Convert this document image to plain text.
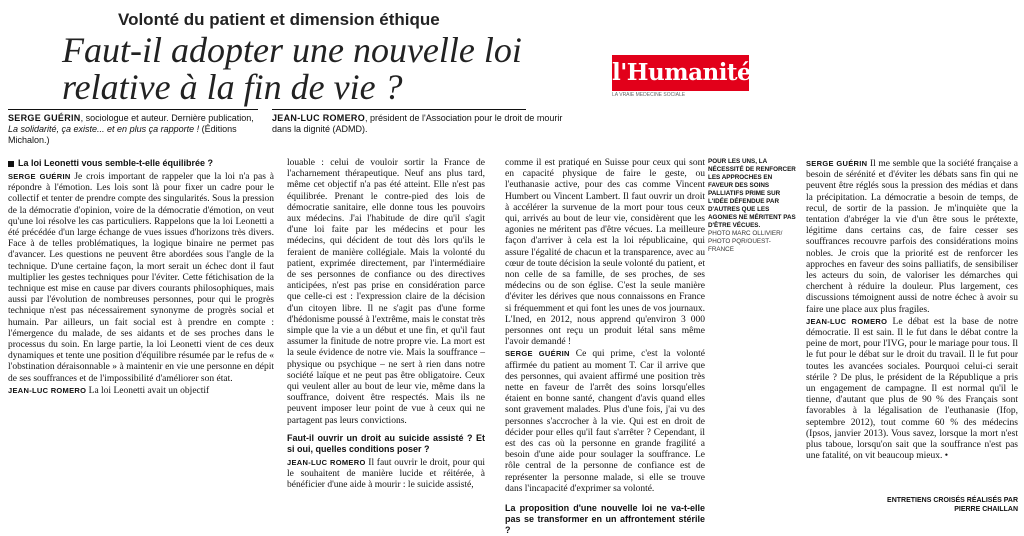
Volonté du patient et dimension éthique
Faut-il adopter une nouvelle loi
relative à la fin de vie ?	l'Humanité
LA VRAIE MEDECINE SOCIALE
SERGE GUÉRIN, sociologue et auteur. Dernière publication,
La solidarité, ça existe... et en plus ça rapporte ! (Éditions Michalon.)
JEAN-LUC ROMERO, président de l'Association pour le droit de mourir
dans la dignité (ADMD).
La loi Leonetti vous semble-t-elle équilibrée ?

SERGE GUÉRIN Je crois important de rappeler que la loi n'a pas à répondre à l'émotion. Les lois sont là pour fixer un cadre pour le collectif et tenter de prendre compte des singularités. Sous la pression de la démocratie d'opinion, voire de la démocratie d'émotion, on veut qu'une loi résolve les cas particuliers. Rappelons que la loi Leonetti a été précédée d'un large échange de vues issues d'horizons très divers. Face à de telles problématiques, la logique binaire ne permet pas d'avancer. Les questions ne peuvent être abordées sous l'angle de la technique. D'une certaine façon, la mort serait un échec dont il faut multiplier les gestes techniques pour l'éviter. Cette fétichisation de la technique est mise en cause par divers courants philosophiques, mais aussi par l'évolution de nombreuses personnes, pour qui le progrès technique n'est pas nécessairement synonyme de progrès social et humain. Par ailleurs, un fait social est à prendre en compte : l'émergence du malade, de ses aidants et de ses proches dans le processus du soin. En large partie, la loi Leonetti vient de ces deux dynamiques et tente une position d'équilibre résumée par le refus de « l'obstination déraisonnable » à maintenir en vie une personne en dépit de ses souffrances et de l'impossibilité d'améliorer son état.

JEAN-LUC ROMERO La loi Leonetti avait un objectif

louable : celui de vouloir sortir la France de l'acharnement thérapeutique. Neuf ans plus tard, même cet objectif n'a pas été atteint. Elle n'est pas équilibrée. Prenant le contre-pied des lois de démocratie sanitaire, elle donne tous les pouvoirs aux médecins. J'ai l'habitude de dire qu'il s'agit d'une loi faite par les médecins et pour les médecins, qui décident de tout dès lors qu'ils le feraient de manière collégiale. Mais la volonté du patient, exprimée directement, par l'intermédiaire de ses personnes de confiance ou des directives anticipées, n'est pas prise en considération parce que celle-ci est : l'expression claire de la décision d'un citoyen libre. Il ne s'agit pas d'une forme d'hédonisme poussé à l'extrême, mais le constat très simple que la vie a un début et une fin, et qu'il faut assumer la finitude de notre propre vie. La mort est la seule évidence de notre vie. Mais la souffrance – physique ou psychique – ne sert à rien dans notre société laïque et ne peut pas être obligatoire. Ceux qui veulent aller au bout de leur vie, même dans la souffrance, doivent être respectés. Mais ils ne peuvent imposer leur point de vue à ceux qui ne partagent pas leurs convictions.

Faut-il ouvrir un droit au suicide assisté ? Et si oui, quelles conditions poser ?

JEAN-LUC ROMERO Il faut ouvrir le droit, pour qui le souhaitent de manière lucide et réitérée, à bénéficier d'une aide à mourir : le suicide assisté,

comme il est pratiqué en Suisse pour ceux qui sont en capacité physique de faire le geste, ou l'euthanasie active, pour des cas comme Vincent Humbert ou Vincent Lambert. Il faut ouvrir un droit à accélérer la survenue de la mort pour tous ceux qui, arrivés au bout de leur vie, considèrent que les agonies ne méritent pas d'être vécues. La meilleure façon d'arriver à cela est la loi républicaine, qui assure l'égalité de chacun et la transparence, avec au cœur de toute décision la seule volonté du patient, et non celle de sa famille, de ses proches, de ses médecins ou de son église. C'est la seule manière d'éviter les dérives que nous connaissons en France si fréquemment et qui font les unes de vos journaux. L'Ined, en 2012, nous apprend qu'environ 3 000 personnes ont reçu un produit létal sans même l'avoir demandé !

SERGE GUÉRIN Ce qui prime, c'est la volonté affirmée du patient au moment T. Car il arrive que des personnes, qui avaient affirmé une position très nette en faveur de l'arrêt des soins lorsqu'elles étaient en bonne santé, changent d'avis quand elles sont gravement malades. Plus d'une fois, j'ai vu des personnes s'accrocher à la vie. Qui est en droit de décider pour elles qu'il faut s'arrêter ? Cependant, il est des cas où la personne en grande fragilité a besoin d'une aide pour soulager la souffrance. Le rôle central de la personne de confiance est de représenter la personne malade, si elle se trouve dans l'incapacité d'exprimer sa volonté.

La proposition d'une nouvelle loi ne va-t-elle pas se transformer en un affrontement stérile ?
POUR LES UNS, LA NÉCESSITÉ DE RENFORCER LES APPROCHES EN FAVEUR DES SOINS PALLIATIFS PRIME SUR L'IDÉE DÉFENDUE PAR D'AUTRES QUE LES AGONIES NE MÉRITENT PAS D'ÊTRE VÉCUES.
PHOTO MARC OLLIVIER/
PHOTO PQR/OUEST-FRANCE

SERGE GUÉRIN Il me semble que la société française a besoin de sérénité et d'éviter les débats sans fin qui ne peuvent être réglés sous la pression des médias et dans la précipitation. La démocratie a besoin de temps, de recul, de sortir de la passion. Je m'inquiète que la tentation d'abréger la vie d'un être sous le prétexte, légitime dans certains cas, de faire cesser ses souffrances recouvre parfois des considérations moins nobles. Je crois que la priorité est de renforcer les approches en faveur des soins palliatifs, de sensibiliser les acteurs du soin, de valoriser les démarches qui cherchent à réduire la douleur. Plus largement, ces discussions témoignent aussi de notre échec à avoir su faire une place aux plus fragiles.

JEAN-LUC ROMERO Le débat est la base de notre démocratie. Il est sain. Il le fut dans le débat contre la peine de mort, pour l'IVG, pour le mariage pour tous. Il le fut pour le débat sur le droit du travail. Il le fut pour toutes les avancées sociales. Pourquoi celui-ci serait stérile ? De plus, le président de la République a pris un engagement de campagne. Il est normal qu'il le tienne, d'autant que plus de 90 % des Français sont favorables à la légalisation de l'euthanasie (Ifop, septembre 2012), tout comme 60 % des médecins (Ipsos, janvier 2013). Vous savez, lorsque la mort n'est plus taboue, lorsqu'on sait que la souffrance n'est pas une fatalité, on vit beaucoup mieux. •

ENTRETIENS CROISÉS RÉALISÉS PAR
PIERRE CHAILLAN
